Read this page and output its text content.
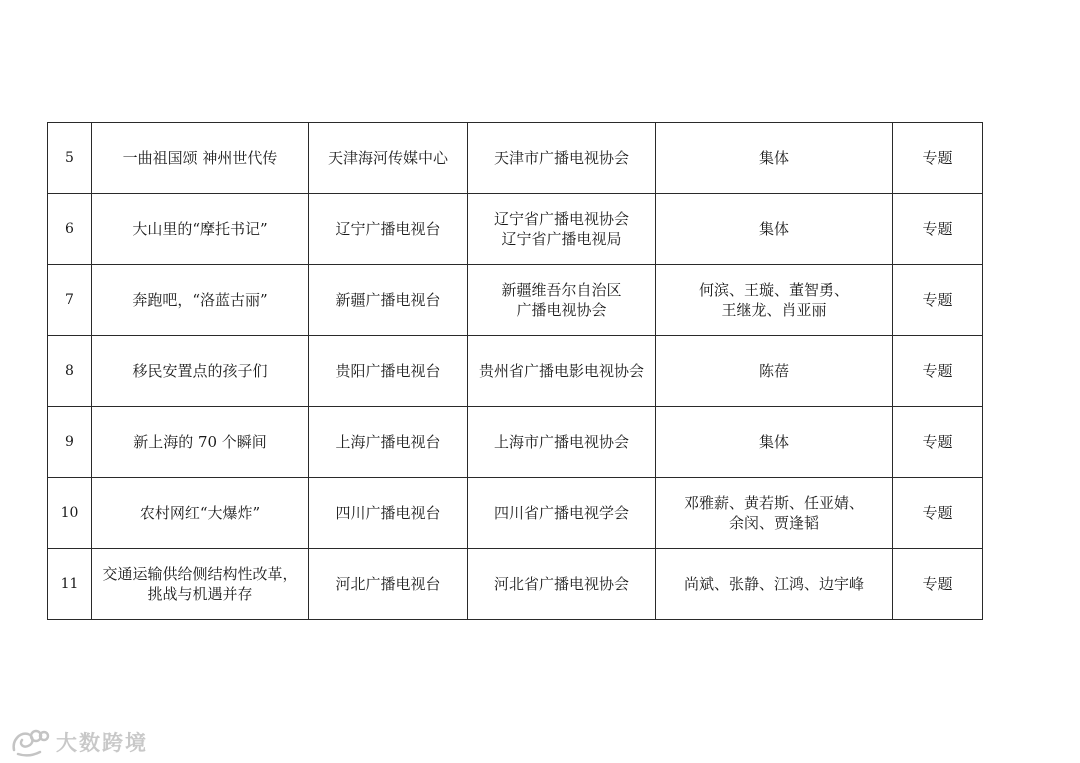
5	一曲祖国颂 神州世代传	天津海河传媒中心	天津市广播电视协会	集体	专题

6	大山里的“摩托书记”	辽宁广播电视台	辽宁省广播电视协会
辽宁省广播电视局	集体	专题

7	奔跑吧，“洛蓝古丽”	新疆广播电视台	新疆维吾尔自治区
广播电视协会	何滨、王璇、董智勇、
王继龙、肖亚丽	专题

8	移民安置点的孩子们	贵阳广播电视台	贵州省广播电影电视协会	陈蓓	专题

9	新上海的 70 个瞬间	上海广播电视台	上海市广播电视协会	集体	专题

10	农村网红“大爆炸”	四川广播电视台	四川省广播电视学会	邓雅薪、黄若斯、任亚婧、
余闵、贾逢韬	专题

11	交通运输供给侧结构性改革，
挑战与机遇并存	河北广播电视台	河北省广播电视协会	尚斌、张静、江鸿、边宇峰	专题
大数跨境
